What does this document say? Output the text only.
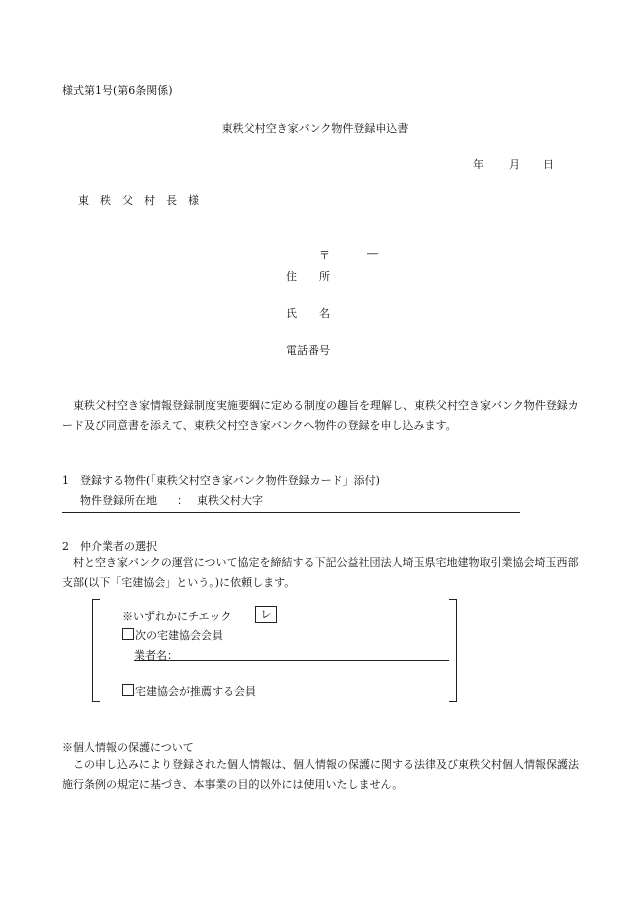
様式第1号(第6条関係)
東秩父村空き家バンク物件登録申込書
年 月 日
東　秩　父　村　長　様
〒	―
住　　所
氏　　名
電話番号
　東秩父村空き家情報登録制度実施要綱に定める制度の趣旨を理解し、東秩父村空き家バンク物件登録カード及び同意書を添えて、東秩父村空き家バンクへ物件の登録を申し込みます。
1　登録する物件(「東秩父村空き家バンク物件登録カード」添付)
物件登録所在地 ： 東秩父村大字
2　仲介業者の選択
　村と空き家バンクの運営について協定を締結する下記公益社団法人埼玉県宅地建物取引業協会埼玉西部支部(以下「宅建協会」という。)に依頼します。
※いずれかにチエック	レ
次の宅建協会会員
業者名：
宅建協会が推薦する会員
※個人情報の保護について
　この申し込みにより登録された個人情報は、個人情報の保護に関する法律及び東秩父村個人情報保護法施行条例の規定に基づき、本事業の目的以外には使用いたしません。
